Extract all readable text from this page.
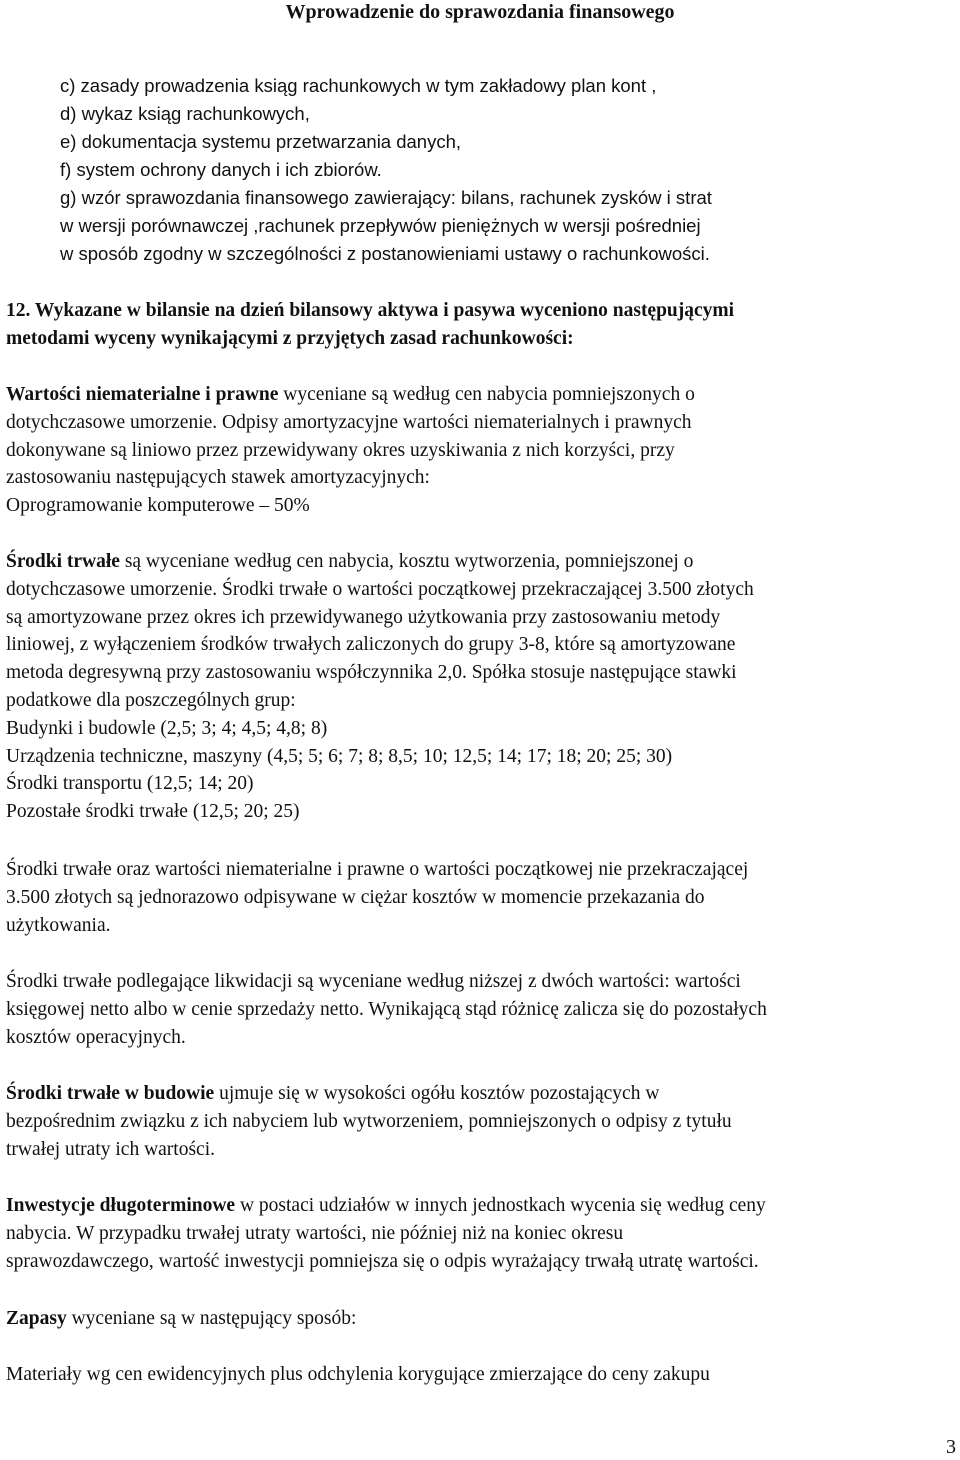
Wprowadzenie do sprawozdania finansowego

c) zasady prowadzenia ksiąg rachunkowych w tym zakładowy plan kont ,

d) wykaz ksiąg rachunkowych,

e) dokumentacja systemu przetwarzania danych,

f) system ochrony danych i ich zbiorów.

g) wzór sprawozdania finansowego zawierający: bilans, rachunek zysków i strat

w wersji porównawczej ,rachunek przepływów pieniężnych w wersji pośredniej

w sposób zgodny w szczególności z postanowieniami ustawy o rachunkowości.

12. Wykazane w bilansie na dzień bilansowy aktywa i pasywa wyceniono następującymi

metodami wyceny wynikającymi z przyjętych zasad rachunkowości:

Wartości niematerialne i prawne wyceniane są według cen nabycia pomniejszonych o

dotychczasowe umorzenie. Odpisy amortyzacyjne wartości niematerialnych i prawnych

dokonywane są liniowo przez przewidywany okres uzyskiwania z nich korzyści, przy

zastosowaniu następujących stawek amortyzacyjnych:

Oprogramowanie komputerowe – 50%

Środki trwałe są wyceniane według cen nabycia, kosztu wytworzenia, pomniejszonej o

dotychczasowe umorzenie. Środki trwałe o wartości początkowej przekraczającej 3.500 złotych

są amortyzowane przez okres ich przewidywanego użytkowania przy zastosowaniu metody

liniowej, z wyłączeniem środków trwałych zaliczonych do grupy 3-8, które są amortyzowane

metoda degresywną przy zastosowaniu współczynnika 2,0. Spółka stosuje następujące stawki

podatkowe dla poszczególnych grup:

Budynki i budowle (2,5; 3; 4; 4,5; 4,8; 8)

Urządzenia techniczne, maszyny (4,5; 5; 6; 7; 8; 8,5; 10; 12,5; 14; 17; 18; 20; 25; 30)

Środki transportu (12,5; 14; 20)

Pozostałe środki trwałe (12,5; 20; 25)

Środki trwałe oraz wartości niematerialne i prawne o wartości początkowej nie przekraczającej

3.500 złotych są jednorazowo odpisywane w ciężar kosztów w momencie przekazania do

użytkowania.

Środki trwałe podlegające likwidacji są wyceniane według niższej z dwóch wartości: wartości

księgowej netto albo w cenie sprzedaży netto. Wynikającą stąd różnicę zalicza się do pozostałych

kosztów operacyjnych.

Środki trwałe w budowie ujmuje się w wysokości ogółu kosztów pozostających w

bezpośrednim związku z ich nabyciem lub wytworzeniem, pomniejszonych o odpisy z tytułu

trwałej utraty ich wartości.

Inwestycje długoterminowe w postaci udziałów w innych jednostkach wycenia się według ceny

nabycia. W przypadku trwałej utraty wartości, nie później niż na koniec okresu

sprawozdawczego, wartość inwestycji pomniejsza się o odpis wyrażający trwałą utratę wartości.

Zapasy wyceniane są w następujący sposób:

Materiały wg cen ewidencyjnych plus odchylenia korygujące zmierzające do ceny zakupu

3
